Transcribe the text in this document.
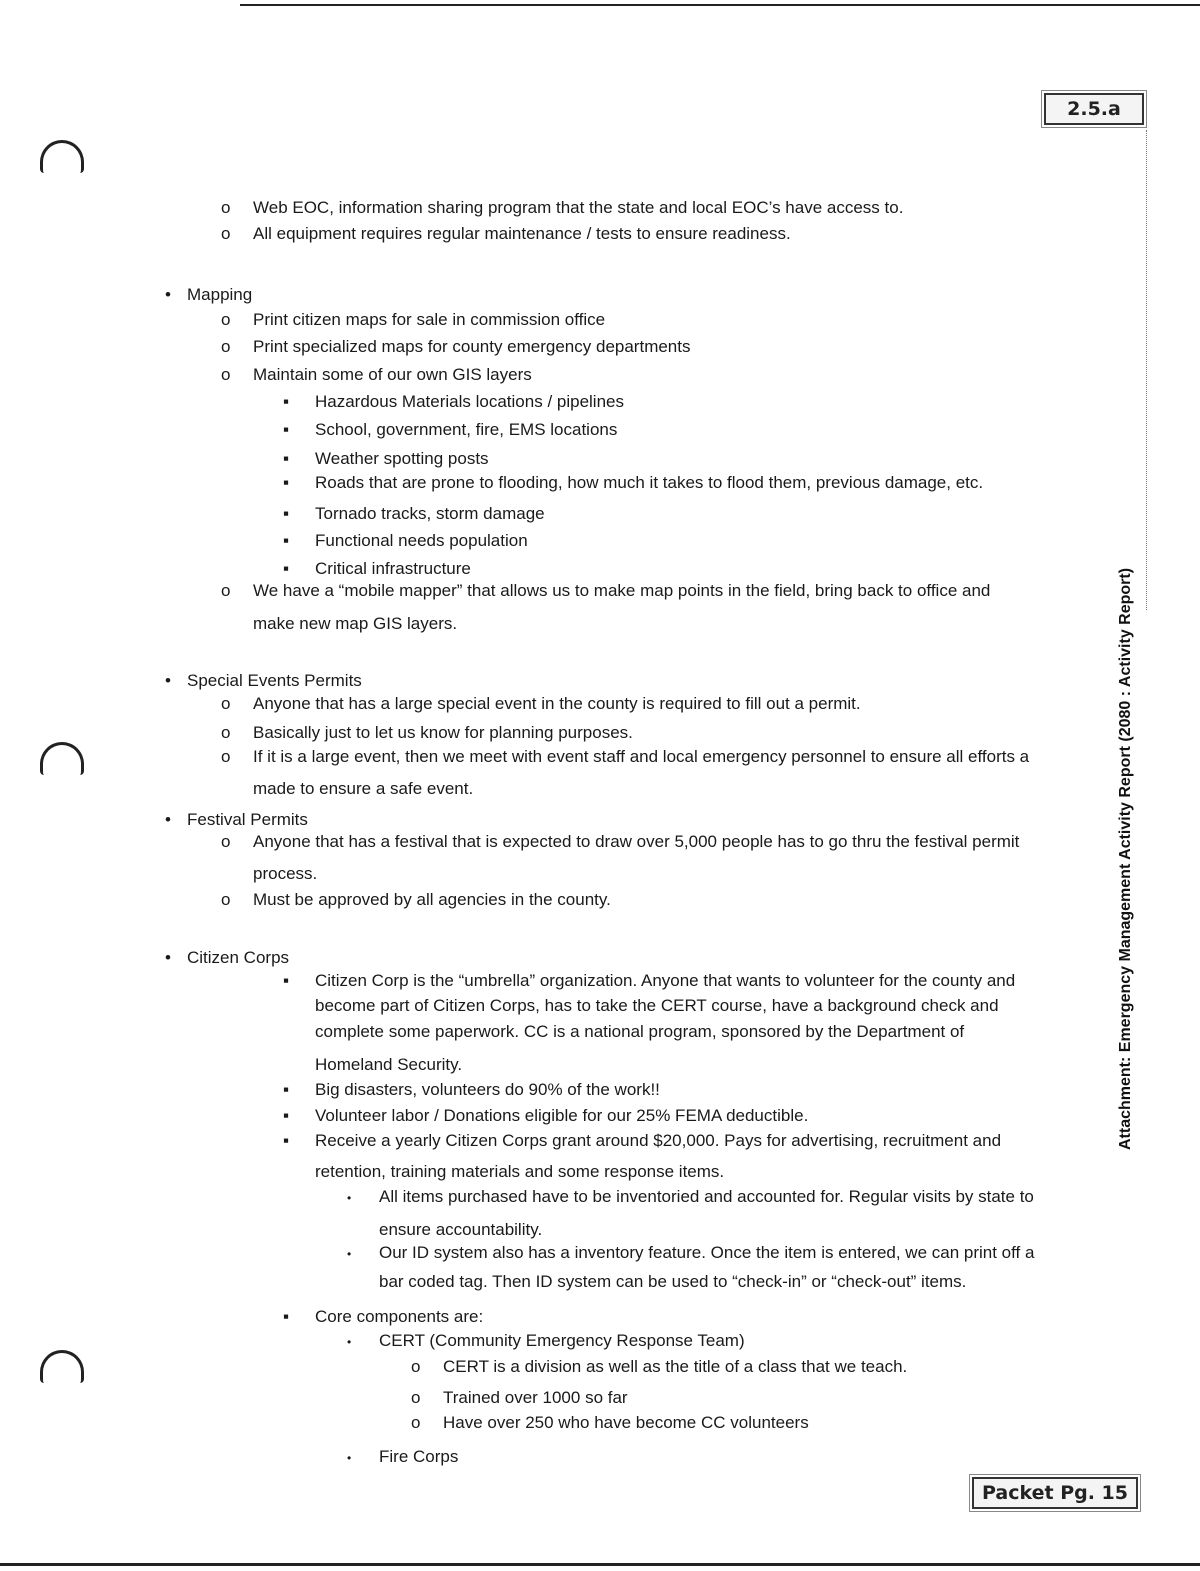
2.5.a
Packet Pg. 15
Attachment: Emergency Management Activity Report (2080 : Activity Report)
o
Web EOC, information sharing program that the state and local EOC’s have access to.
o
All equipment requires regular maintenance / tests to ensure readiness.
•
Mapping
o
Print citizen maps for sale in commission office
o
Print specialized maps for county emergency departments
o
Maintain some of our own GIS layers
▪
Hazardous Materials locations / pipelines
▪
School, government, fire, EMS locations
▪
Weather spotting posts
▪
Roads that are prone to flooding, how much it takes to flood them, previous damage, etc.
▪
Tornado tracks, storm damage
▪
Functional needs population
▪
Critical infrastructure
o
We have a “mobile mapper” that allows us to make map points in the field, bring back to office and
make new map GIS layers.
•
Special Events Permits
o
Anyone that has a large special event in the county is required to fill out a permit.
o
Basically just to let us know for planning purposes.
o
If it is a large event, then we meet with event staff and local emergency personnel to ensure all efforts a
made to ensure a safe event.
•
Festival Permits
o
Anyone that has a festival that is expected to draw over 5,000 people has to go thru the festival permit
process.
o
Must be approved by all agencies in the county.
•
Citizen Corps
▪
Citizen Corp is the “umbrella” organization. Anyone that wants to volunteer for the county and
become part of Citizen Corps, has to take the CERT course, have a background check and
complete some paperwork. CC is a national program, sponsored by the Department of
Homeland Security.
▪
Big disasters, volunteers do 90% of the work!!
▪
Volunteer labor / Donations eligible for our 25% FEMA deductible.
▪
Receive a yearly Citizen Corps grant around $20,000. Pays for advertising, recruitment and
retention, training materials and some response items.
•
All items purchased have to be inventoried and accounted for. Regular visits by state to
ensure accountability.
•
Our ID system also has a inventory feature. Once the item is entered, we can print off a
bar coded tag. Then ID system can be used to “check-in” or “check-out” items.
▪
Core components are:
•
CERT (Community Emergency Response Team)
o
CERT is a division as well as the title of a class that we teach.
o
Trained over 1000 so far
o
Have over 250 who have become CC volunteers
•
Fire Corps
